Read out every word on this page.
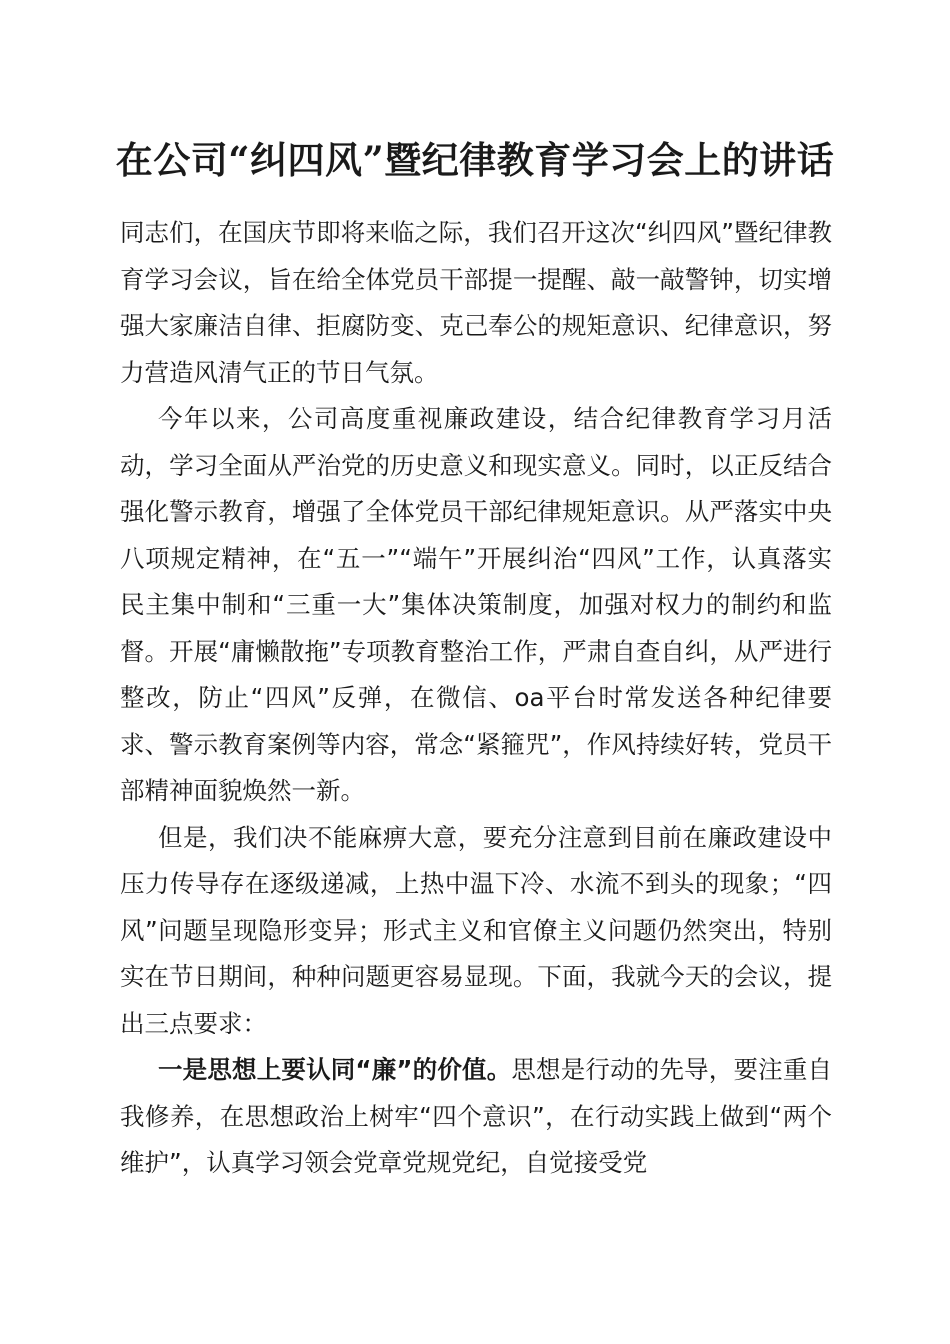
在公司“纠四风”暨纪律教育学习会上的讲话

同志们，在国庆节即将来临之际，我们召开这次“纠四风”暨纪律教育学习会议，旨在给全体党员干部提一提醒、敲一敲警钟，切实增强大家廉洁自律、拒腐防变、克己奉公的规矩意识、纪律意识，努力营造风清气正的节日气氛。

今年以来，公司高度重视廉政建设，结合纪律教育学习月活动，学习全面从严治党的历史意义和现实意义。同时，以正反结合强化警示教育，增强了全体党员干部纪律规矩意识。从严落实中央八项规定精神，在“五一”“端午”开展纠治“四风”工作，认真落实民主集中制和“三重一大”集体决策制度，加强对权力的制约和监督。开展“庸懒散拖”专项教育整治工作，严肃自查自纠，从严进行整改，防止“四风”反弹，在微信、oa平台时常发送各种纪律要求、警示教育案例等内容，常念“紧箍咒”，作风持续好转，党员干部精神面貌焕然一新。

但是，我们决不能麻痹大意，要充分注意到目前在廉政建设中压力传导存在逐级递减，上热中温下冷、水流不到头的现象；“四风”问题呈现隐形变异；形式主义和官僚主义问题仍然突出，特别实在节日期间，种种问题更容易显现。下面，我就今天的会议，提出三点要求：

一是思想上要认同“廉”的价值。思想是行动的先导，要注重自我修养，在思想政治上树牢“四个意识”，在行动实践上做到“两个维护”，认真学习领会党章党规党纪，自觉接受党
